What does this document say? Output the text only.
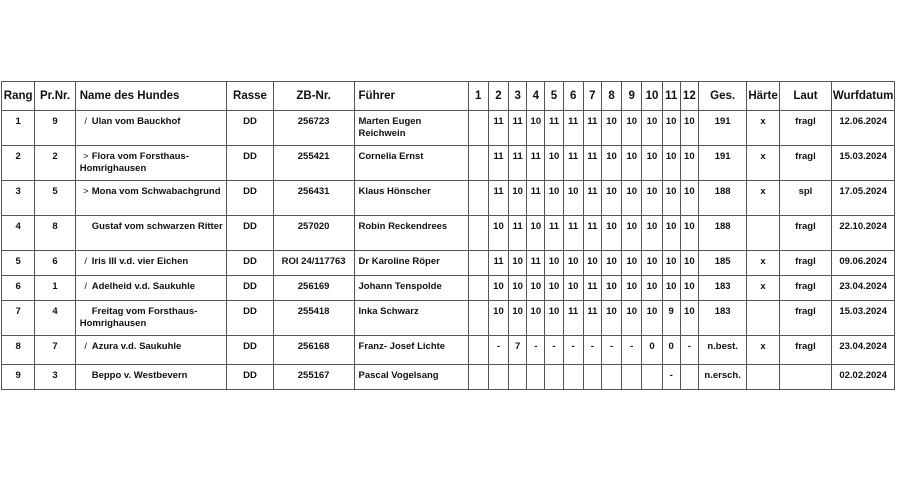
Rang	Pr.Nr.	Name des Hundes	Rasse	ZB-Nr.	Führer	1	2	3	4	5	6	7	8	9	10	11	12	Ges.	Härte	Laut	Wurfdatum
1	9	/ Ulan vom Bauckhof	DD	256723	Marten Eugen Reichwein		11	11	10	11	11	11	10	10	10	10	10	191	x	fragl	12.06.2024
2	2	> Flora vom Forsthaus-Homrighausen	DD	255421	Cornelia Ernst		11	11	11	10	11	11	10	10	10	10	10	191	x	fragl	15.03.2024
3	5	> Mona vom Schwabachgrund	DD	256431	Klaus Hönscher		11	10	11	10	10	11	10	10	10	10	10	188	x	spl	17.05.2024
4	8	Gustaf vom schwarzen Ritter	DD	257020	Robin Reckendrees		10	11	10	11	11	11	10	10	10	10	10	188		fragl	22.10.2024
5	6	/ Iris III v.d. vier Eichen	DD	ROI 24/117763	Dr Karoline Röper		11	10	11	10	10	10	10	10	10	10	10	185	x	fragl	09.06.2024
6	1	/ Adelheid v.d. Saukuhle	DD	256169	Johann Tenspolde		10	10	10	10	10	11	10	10	10	10	10	183	x	fragl	23.04.2024
7	4	Freitag vom Forsthaus-Homrighausen	DD	255418	Inka Schwarz		10	10	10	10	11	11	10	10	10	9	10	183		fragl	15.03.2024
8	7	/ Azura v.d. Saukuhle	DD	256168	Franz- Josef Lichte		-	7	-	-	-	-	-	-	0	0	-	n.best.	x	fragl	23.04.2024
9	3	Beppo v. Westbevern	DD	255167	Pascal Vogelsang											-		n.ersch.			02.02.2024
